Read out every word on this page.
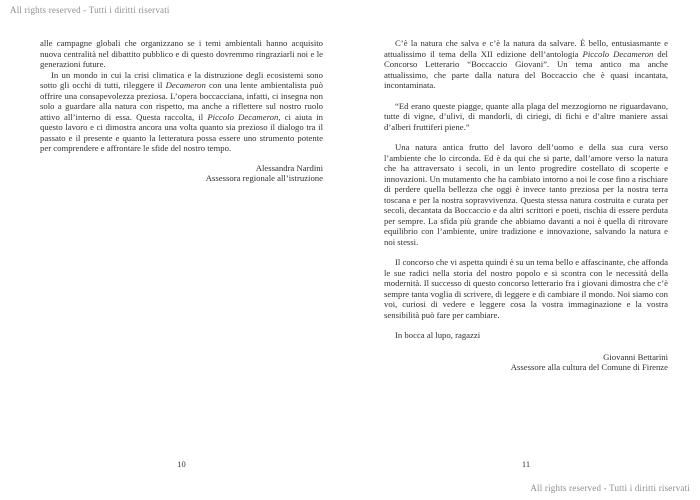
All rights reserved - Tutti i diritti riservati

alle campagne globali che organizzano se i temi ambientali hanno acquisito nuova centralità nel dibattito pubblico e di questo dovremmo ringraziarli noi e le generazioni future.

In un mondo in cui la crisi climatica e la distruzione degli ecosistemi sono sotto gli occhi di tutti, rileggere il Decameron con una lente ambientalista può offrire una consapevolezza preziosa. L’opera boccacciana, infatti, ci insegna non solo a guardare alla natura con rispetto, ma anche a riflettere sul nostro ruolo attivo all’interno di essa. Questa raccolta, il Piccolo Decameron, ci aiuta in questo lavoro e ci dimostra ancora una volta quanto sia prezioso il dialogo tra il passato e il presente e quanto la letteratura possa essere uno strumento potente per comprendere e affrontare le sfide del nostro tempo.

Alessandra Nardini
Assessora regionale all’istruzione

C’è la natura che salva e c’è la natura da salvare. È bello, entusiasmante e attualissimo il tema della XII edizione dell’antologia Piccolo Decameron del Concorso Letterario “Boccaccio Giovani”. Un tema antico ma anche attualissimo, che parte dalla natura del Boccaccio che è quasi incantata, incontaminata.

“Ed erano queste piagge, quante alla plaga del mezzogiorno ne riguardavano, tutte di vigne, d’ulivi, di mandorli, di ciriegi, di fichi e d’altre maniere assai d’alberi fruttiferi piene.”

Una natura antica frutto del lavoro dell’uomo e della sua cura verso l’ambiente che lo circonda. Ed è da qui che si parte, dall’amore verso la natura che ha attraversato i secoli, in un lento progredire costellato di scoperte e innovazioni. Un mutamento che ha cambiato intorno a noi le cose fino a rischiare di perdere quella bellezza che oggi è invece tanto preziosa per la nostra terra toscana e per la nostra sopravvivenza. Questa stessa natura costruita e curata per secoli, decantata da Boccaccio e da altri scrittori e poeti, rischia di essere perduta per sempre. La sfida più grande che abbiamo davanti a noi è quella di ritrovare equilibrio con l’ambiente, unire tradizione e innovazione, salvando la natura e noi stessi.

Il concorso che vi aspetta quindi è su un tema bello e affascinante, che affonda le sue radici nella storia del nostro popolo e si scontra con le necessità della modernità. Il successo di questo concorso letterario fra i giovani dimostra che c’è sempre tanta voglia di scrivere, di leggere e di cambiare il mondo. Noi siamo con voi, curiosi di vedere e leggere cosa la vostra immaginazione e la vostra sensibilità può fare per cambiare.

In bocca al lupo, ragazzi

Giovanni Bettarini
Assessore alla cultura del Comune di Firenze
10	11
All rights reserved - Tutti i diritti riservati
